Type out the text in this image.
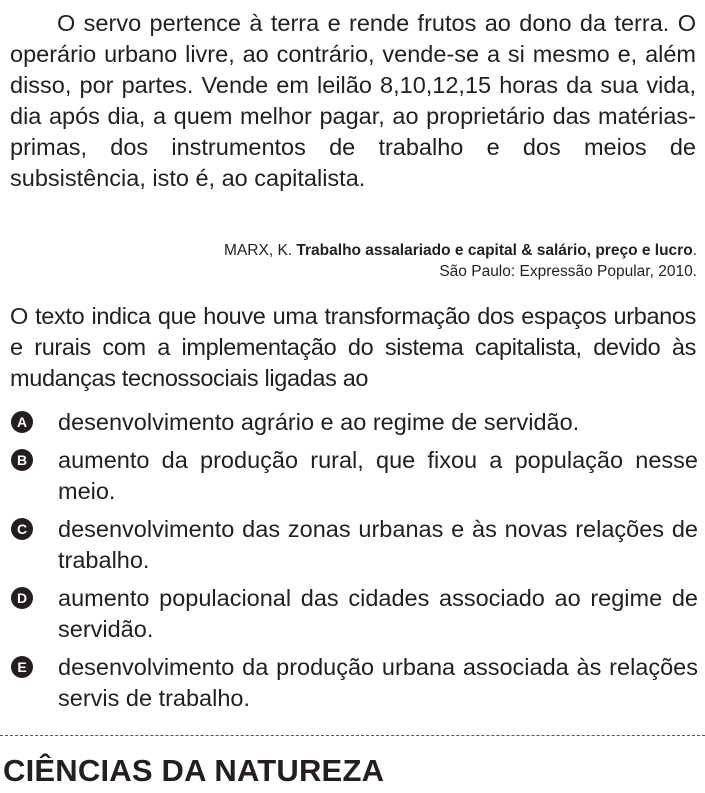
O servo pertence à terra e rende frutos ao dono da terra. O operário urbano livre, ao contrário, vende-se a si mesmo e, além disso, por partes. Vende em leilão 8,10,12,15 horas da sua vida, dia após dia, a quem melhor pagar, ao proprietário das matérias-primas, dos instrumentos de trabalho e dos meios de subsistência, isto é, ao capitalista.

MARX, K. Trabalho assalariado e capital & salário, preço e lucro.
São Paulo: Expressão Popular, 2010.

O texto indica que houve uma transformação dos espaços urbanos e rurais com a implementação do sistema capitalista, devido às mudanças tecnossociais ligadas ao

A desenvolvimento agrário e ao regime de servidão.
B aumento da produção rural, que fixou a população nesse meio.
C desenvolvimento das zonas urbanas e às novas relações de trabalho.
D aumento populacional das cidades associado ao regime de servidão.
E desenvolvimento da produção urbana associada às relações servis de trabalho.
CIÊNCIAS DA NATUREZA
